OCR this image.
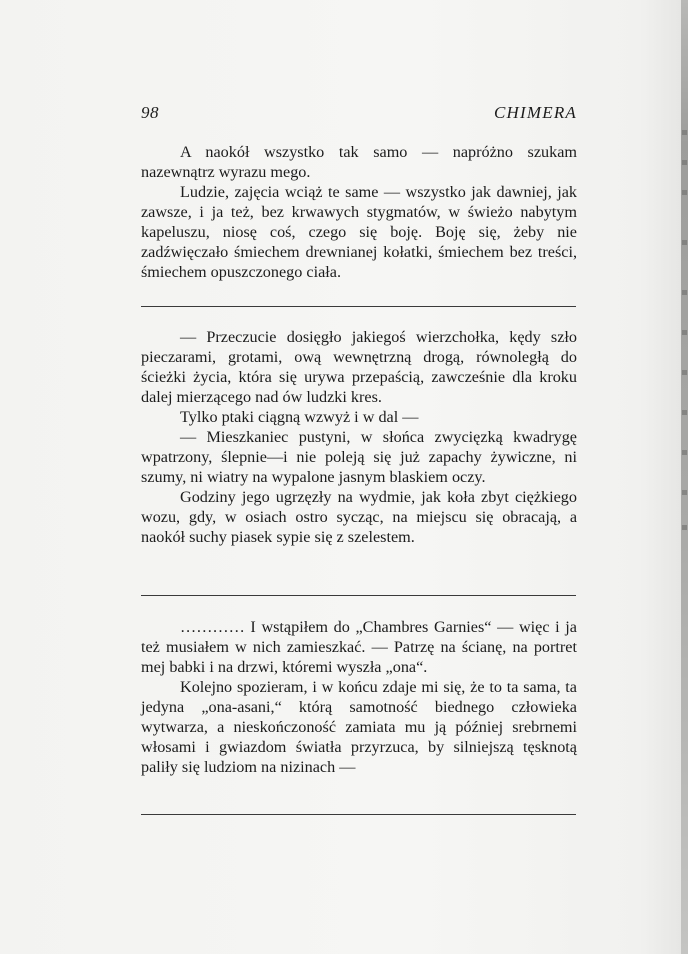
98	CHIMERA

A naokół wszystko tak samo — napróżno szukam nazewnątrz wyrazu mego.

Ludzie, zajęcia wciąż te same — wszystko jak dawniej, jak zawsze, i ja też, bez krwawych stygmatów, w świeżo nabytym kapeluszu, niosę coś, czego się boję. Boję się, żeby nie zadźwięczało śmiechem drewnianej kołatki, śmiechem bez treści, śmiechem opuszczonego ciała.

— Przeczucie dosięgło jakiegoś wierzchołka, kędy szło pieczarami, grotami, ową wewnętrzną drogą, równoległą do ścieżki życia, która się urywa przepaścią, zawcześnie dla kroku dalej mierzącego nad ów ludzki kres.

Tylko ptaki ciągną wzwyż i w dal —

— Mieszkaniec pustyni, w słońca zwycięzką kwadrygę wpatrzony, ślepnie—i nie poleją się już zapachy żywiczne, ni szumy, ni wiatry na wypalone jasnym blaskiem oczy.

Godziny jego ugrzęzły na wydmie, jak koła zbyt ciężkiego wozu, gdy, w osiach ostro sycząc, na miejscu się obracają, a naokół suchy piasek sypie się z szelestem.

………… I wstąpiłem do „Chambres Garnies“ — więc i ja też musiałem w nich zamieszkać. — Patrzę na ścianę, na portret mej babki i na drzwi, któremi wyszła „ona“.

Kolejno spozieram, i w końcu zdaje mi się, że to ta sama, ta jedyna „ona-asani,“ którą samotność biednego człowieka wytwarza, a nieskończoność zamiata mu ją później srebrnemi włosami i gwiazdom światła przyrzuca, by silniejszą tęsknotą paliły się ludziom na nizinach —
